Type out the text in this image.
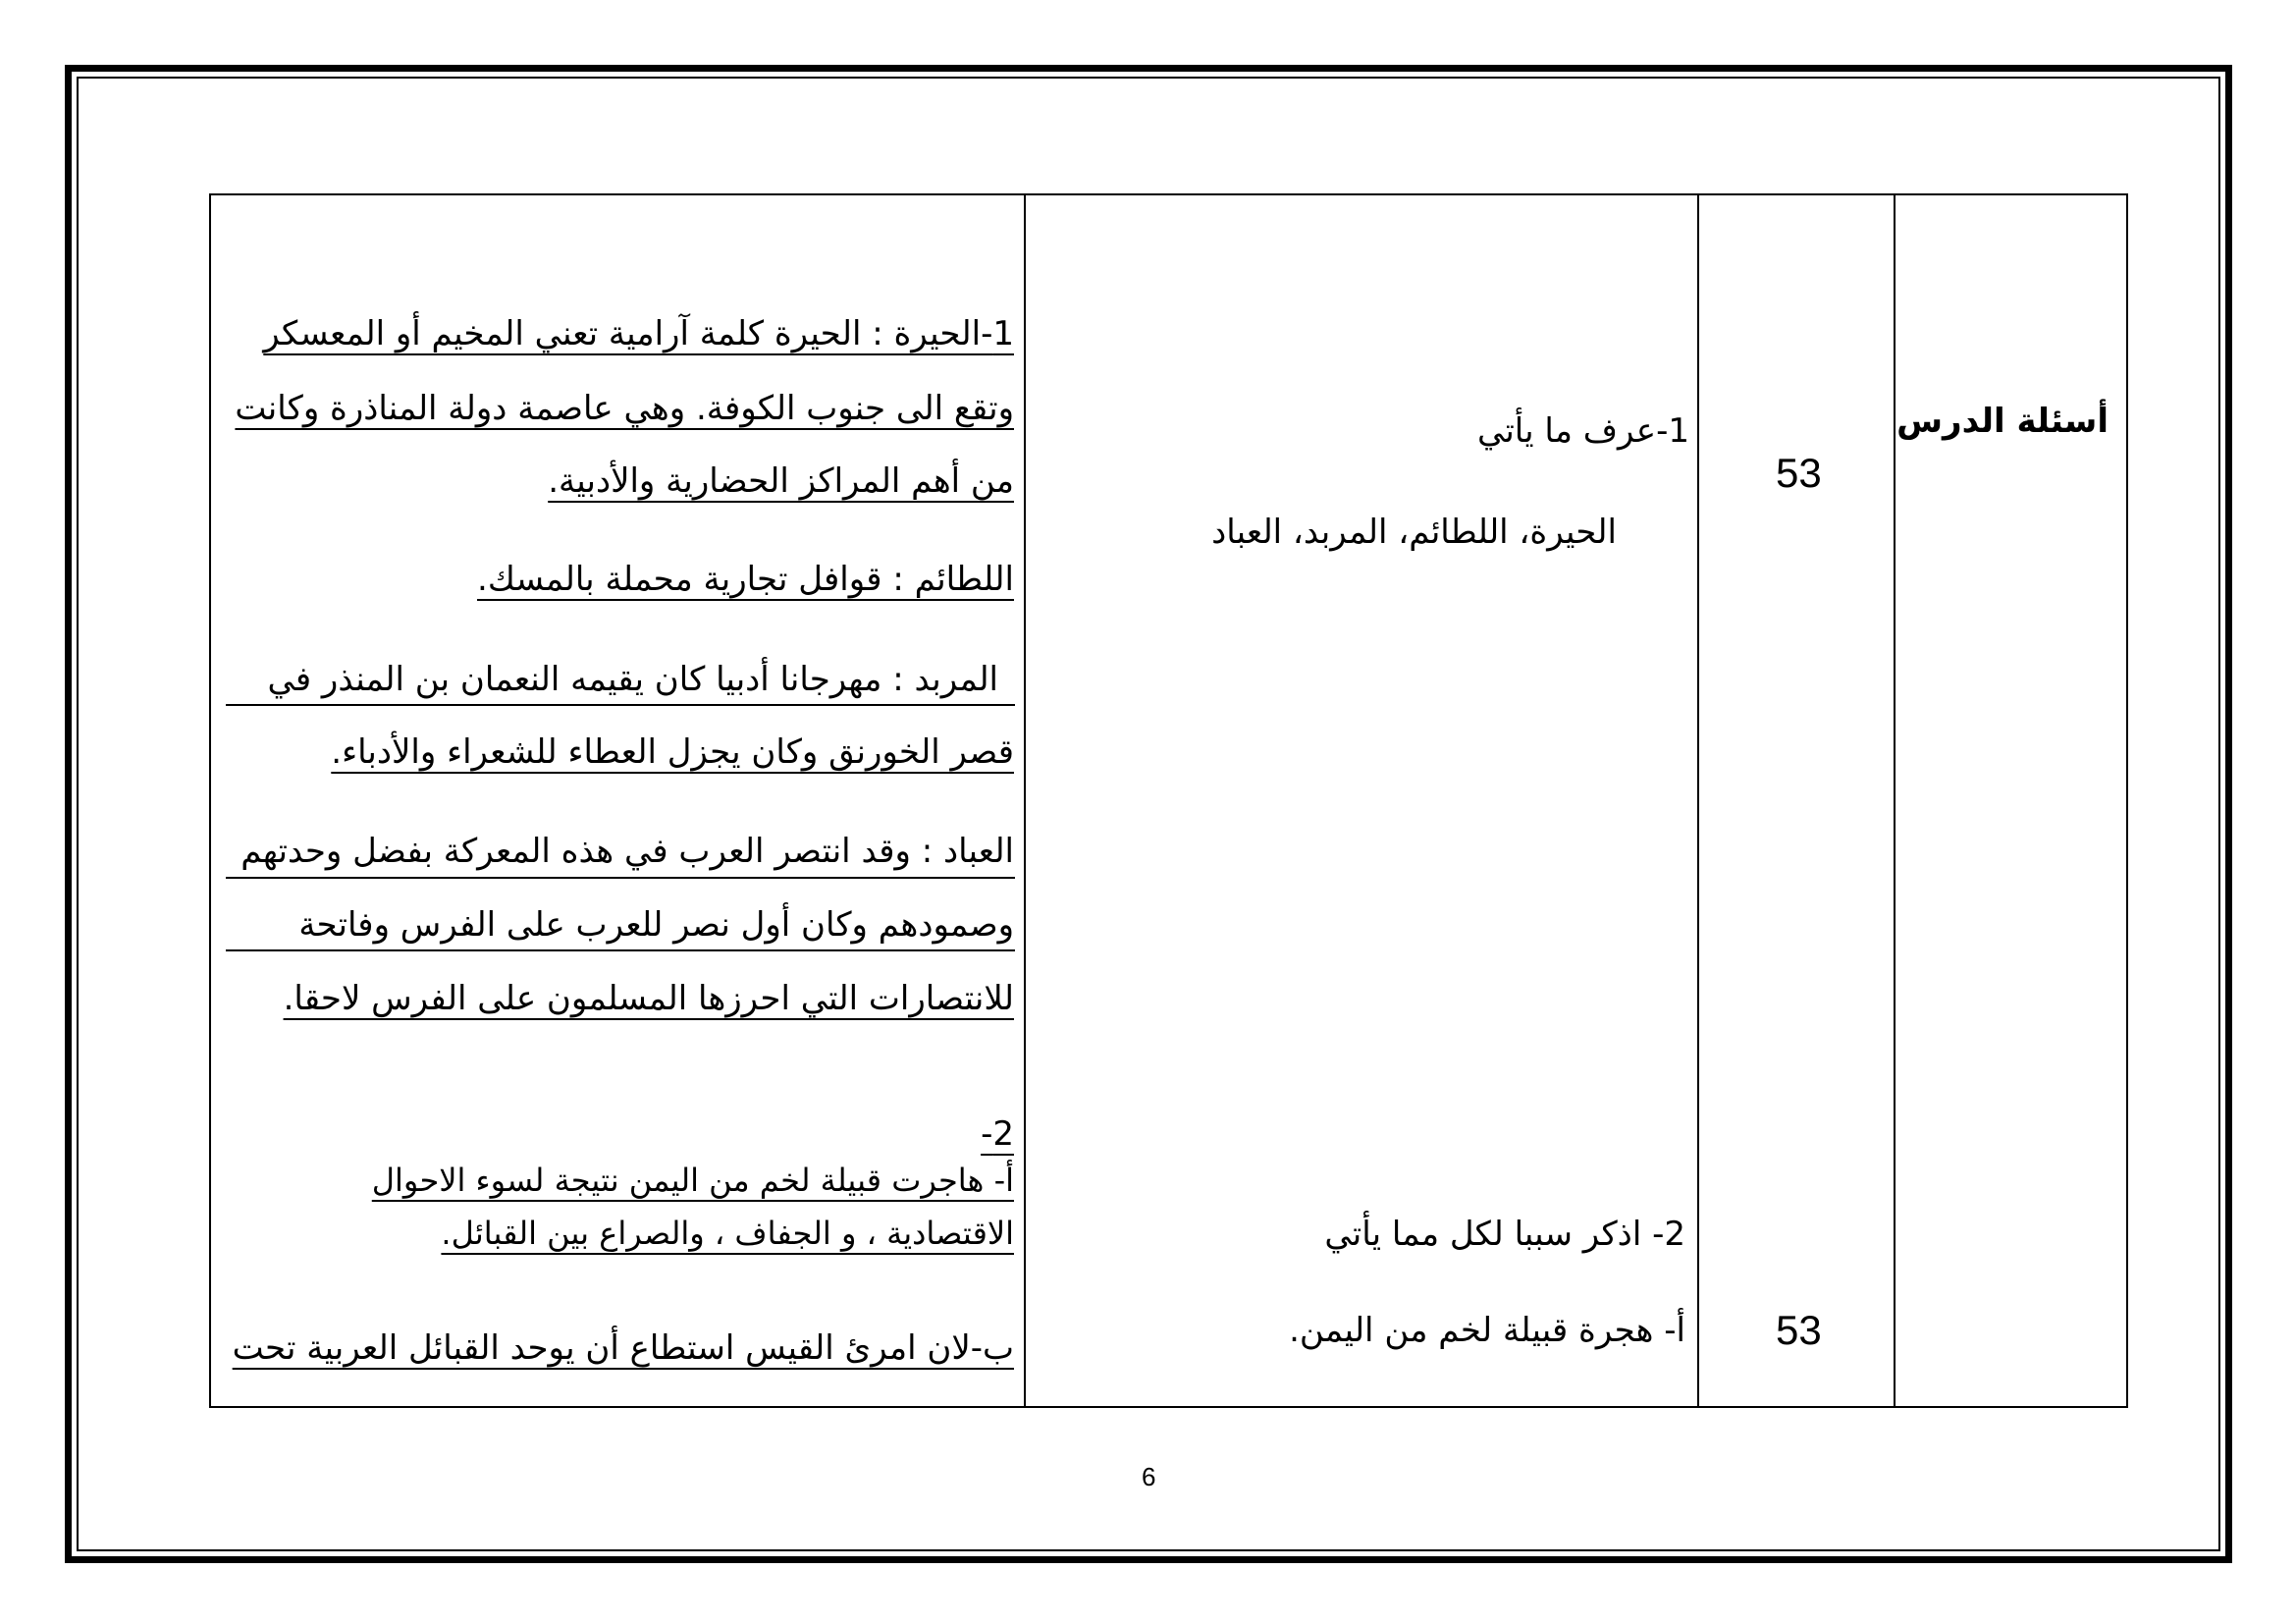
أسئلة الدرس
53
53
1-عرف ما يأتي
الحيرة، اللطائم، المربد، العباد
2- اذكر سببا لكل مما يأتي
أ- هجرة قبيلة لخم من اليمن.
1-الحيرة : الحيرة كلمة آرامية تعني المخيم أو المعسكر
وتقع الى جنوب الكوفة. وهي عاصمة دولة المناذرة وكانت
من أهم المراكز الحضارية والأدبية.
اللطائم : قوافل تجارية محملة بالمسك.
المربد : مهرجانا أدبيا كان يقيمه النعمان بن المنذر في
قصر الخورنق وكان يجزل العطاء للشعراء والأدباء.
العباد : وقد انتصر العرب في هذه المعركة بفضل وحدتهم
وصمودهم وكان أول نصر للعرب على الفرس وفاتحة
للانتصارات التي احرزها المسلمون على الفرس لاحقا.
2-
أ- هاجرت قبيلة لخم من اليمن نتيجة لسوء الاحوال
الاقتصادية ، و الجفاف ، والصراع بين القبائل.
ب-لان امرئ القيس استطاع أن يوحد القبائل العربية تحت
6
